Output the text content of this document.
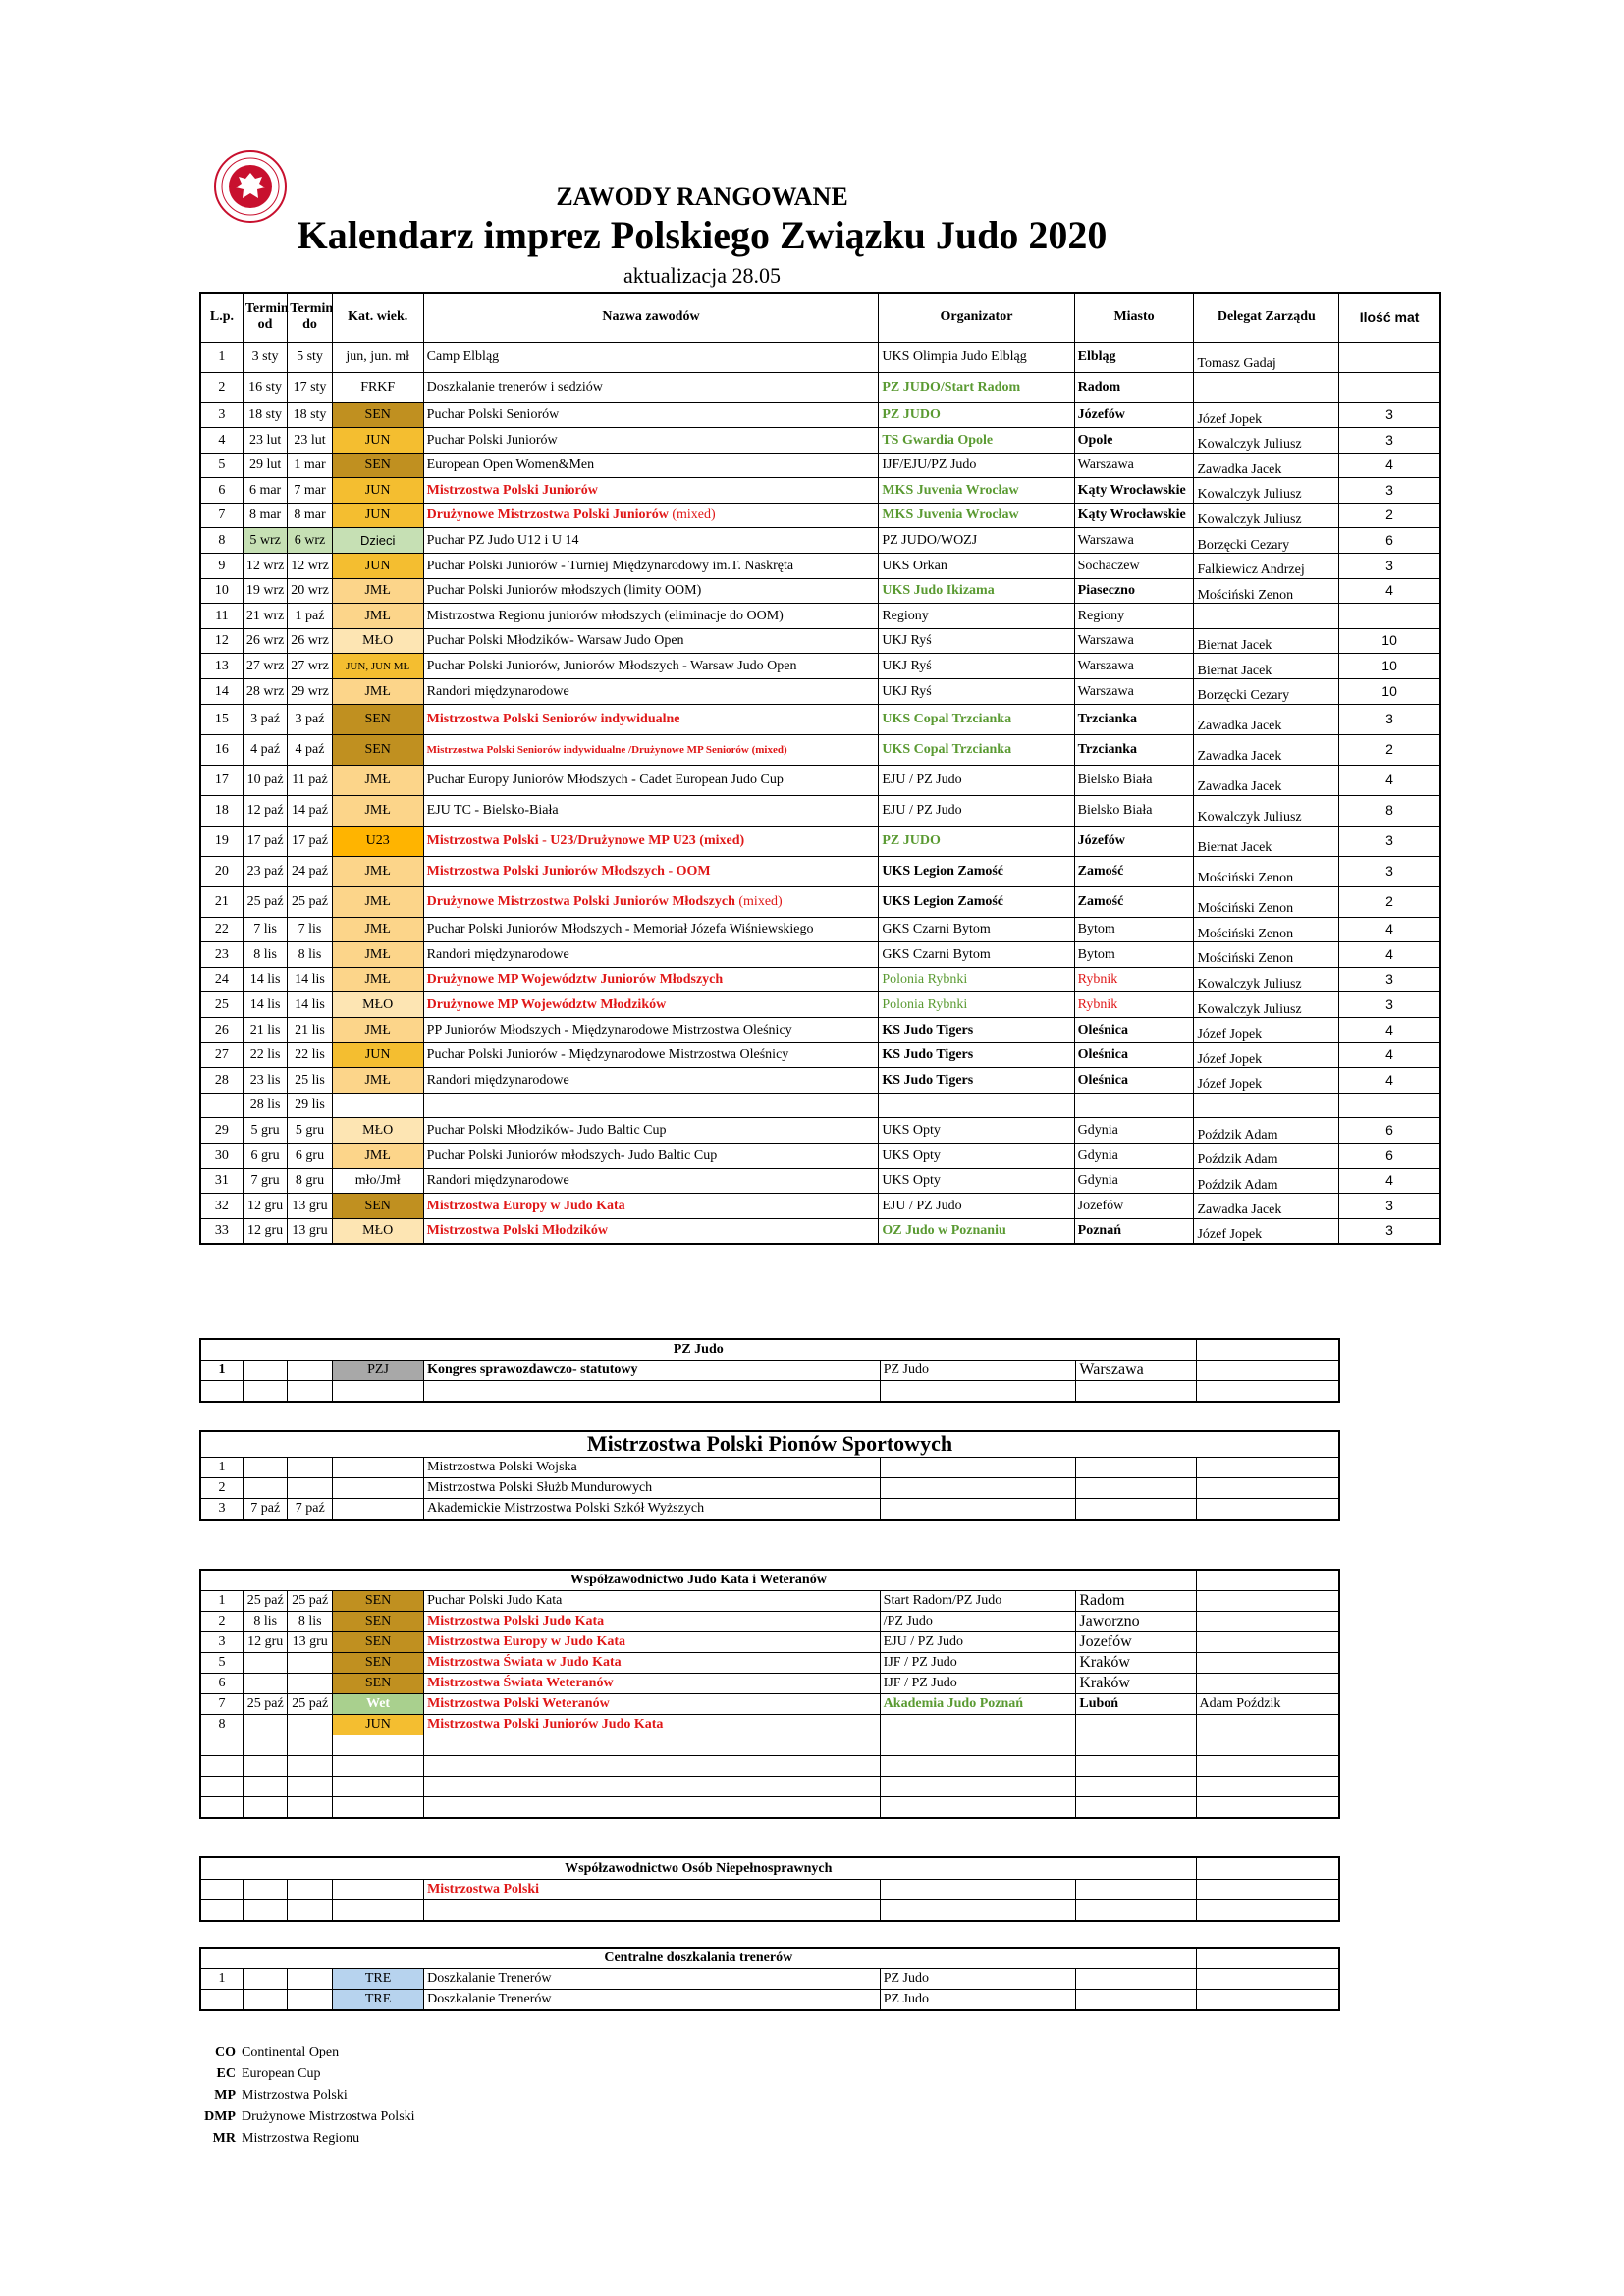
ZAWODY RANGOWANE
Kalendarz imprez Polskiego Związku Judo 2020
aktualizacja 28.05
L.p.	Termin od	Termin do	Kat. wiek.	Nazwa zawodów	Organizator	Miasto	Delegat Zarządu	Ilość mat
1	3 sty	5 sty	jun, jun. mł	Camp Elbląg	UKS Olimpia Judo Elbląg	Elbląg	Tomasz Gadaj	
2	16 sty	17 sty	FRKF	Doszkalanie trenerów i sedziów	PZ JUDO/Start Radom	Radom		
3	18 sty	18 sty	SEN	Puchar Polski Seniorów	PZ JUDO	Józefów	Józef Jopek	3
4	23 lut	23 lut	JUN	Puchar Polski Juniorów	TS Gwardia Opole	Opole	Kowalczyk Juliusz	3
5	29 lut	1 mar	SEN	European Open Women&Men	IJF/EJU/PZ Judo	Warszawa	Zawadka Jacek	4
6	6 mar	7 mar	JUN	Mistrzostwa Polski Juniorów	MKS Juvenia Wrocław	Kąty Wrocławskie	Kowalczyk Juliusz	3
7	8 mar	8 mar	JUN	Drużynowe Mistrzostwa Polski Juniorów (mixed)	MKS Juvenia Wrocław	Kąty Wrocławskie	Kowalczyk Juliusz	2
8	5 wrz	6 wrz	Dzieci	Puchar PZ Judo U12 i U 14	PZ JUDO/WOZJ	Warszawa	Borzęcki Cezary	6
9	12 wrz	12 wrz	JUN	Puchar Polski Juniorów - Turniej Międzynarodowy im.T. Naskręta	UKS Orkan	Sochaczew	Falkiewicz Andrzej	3
10	19 wrz	20 wrz	JMŁ	Puchar Polski Juniorów młodszych (limity OOM)	UKS Judo Ikizama	Piaseczno	Mościński Zenon	4
11	21 wrz	1 paź	JMŁ	Mistrzostwa Regionu juniorów młodszych (eliminacje do OOM)	Regiony	Regiony		
12	26 wrz	26 wrz	MŁO	Puchar Polski Młodzików- Warsaw Judo Open	UKJ Ryś	Warszawa	Biernat Jacek	10
13	27 wrz	27 wrz	JUN, JUN MŁ	Puchar Polski Juniorów, Juniorów Młodszych - Warsaw Judo Open	UKJ Ryś	Warszawa	Biernat Jacek	10
14	28 wrz	29 wrz	JMŁ	Randori międzynarodowe	UKJ Ryś	Warszawa	Borzęcki Cezary	10
15	3 paź	3 paź	SEN	Mistrzostwa Polski Seniorów indywidualne	UKS Copal Trzcianka	Trzcianka	Zawadka Jacek	3
16	4 paź	4 paź	SEN	Mistrzostwa Polski Seniorów indywidualne /Drużynowe MP Seniorów (mixed)	UKS Copal Trzcianka	Trzcianka	Zawadka Jacek	2
17	10 paź	11 paź	JMŁ	Puchar Europy Juniorów Młodszych - Cadet European Judo Cup	EJU / PZ Judo	Bielsko Biała	Zawadka Jacek	4
18	12 paź	14 paź	JMŁ	EJU TC - Bielsko-Biała	EJU / PZ Judo	Bielsko Biała	Kowalczyk Juliusz	8
19	17 paź	17 paź	U23	Mistrzostwa Polski - U23/Drużynowe MP U23 (mixed)	PZ JUDO	Józefów	Biernat Jacek	3
20	23 paź	24 paź	JMŁ	Mistrzostwa Polski Juniorów Młodszych - OOM	UKS Legion Zamość	Zamość	Mościński Zenon	3
21	25 paź	25 paź	JMŁ	Drużynowe Mistrzostwa Polski Juniorów Młodszych (mixed)	UKS Legion Zamość	Zamość	Mościński Zenon	2
22	7 lis	7 lis	JMŁ	Puchar Polski Juniorów Młodszych - Memoriał Józefa Wiśniewskiego	GKS Czarni Bytom	Bytom	Mościński Zenon	4
23	8 lis	8 lis	JMŁ	Randori międzynarodowe	GKS Czarni Bytom	Bytom	Mościński Zenon	4
24	14 lis	14 lis	JMŁ	Drużynowe MP Województw Juniorów Młodszych	Polonia Rybnki	Rybnik	Kowalczyk Juliusz	3
25	14 lis	14 lis	MŁO	Drużynowe MP Województw Młodzików	Polonia Rybnki	Rybnik	Kowalczyk Juliusz	3
26	21 lis	21 lis	JMŁ	PP Juniorów Młodszych - Międzynarodowe Mistrzostwa Oleśnicy	KS Judo Tigers	Oleśnica	Józef Jopek	4
27	22 lis	22 lis	JUN	Puchar Polski Juniorów - Międzynarodowe Mistrzostwa Oleśnicy	KS Judo Tigers	Oleśnica	Józef Jopek	4
28	23 lis	25 lis	JMŁ	Randori międzynarodowe	KS Judo Tigers	Oleśnica	Józef Jopek	4
	28 lis	29 lis						
29	5 gru	5 gru	MŁO	Puchar Polski Młodzików- Judo Baltic Cup	UKS Opty	Gdynia	Poździk Adam	6
30	6 gru	6 gru	JMŁ	Puchar Polski Juniorów młodszych- Judo Baltic Cup	UKS Opty	Gdynia	Poździk Adam	6
31	7 gru	8 gru	mło/Jmł	Randori międzynarodowe	UKS Opty	Gdynia	Poździk Adam	4
32	12 gru	13 gru	SEN	Mistrzostwa Europy w Judo Kata	EJU / PZ Judo	Jozefów	Zawadka Jacek	3
33	12 gru	13 gru	MŁO	Mistrzostwa Polski Młodzików	OZ Judo w Poznaniu	Poznań	Józef Jopek	3
PZ Judo							
1			PZJ	Kongres sprawozdawczo- statutowy	PZ Judo	Warszawa	

Mistrzostwa Polski Pionów Sportowych							
1				Mistrzostwa Polski Wojska			
2				Mistrzostwa Polski Służb Mundurowych			
3	7 paź	7 paź		Akademickie Mistrzostwa Polski Szkół Wyższych			
Współzawodnictwo Judo Kata i Weteranów							
1	25 paź	25 paź	SEN	Puchar Polski Judo Kata	Start Radom/PZ Judo	Radom	
2	8 lis	8 lis	SEN	Mistrzostwa Polski Judo Kata	/PZ Judo	Jaworzno	
3	12 gru	13 gru	SEN	Mistrzostwa Europy w Judo Kata	EJU / PZ Judo	Jozefów	
5			SEN	Mistrzostwa Świata w Judo Kata	IJF / PZ Judo	Kraków	
6			SEN	Mistrzostwa Świata Weteranów	IJF / PZ Judo	Kraków	
7	25 paź	25 paź	Wet	Mistrzostwa Polski Weteranów	Akademia Judo Poznań	Luboń	Adam Poździk
8			JUN	Mistrzostwa Polski Juniorów Judo Kata			

Współzawodnictwo Osób Niepełnosprawnych							
				Mistrzostwa Polski			

Centralne doszkalania trenerów							
1			TRE	Doszkalanie Trenerów	PZ Judo		
			TRE	Doszkalanie Trenerów	PZ Judo		
CO Continental Open
EC European Cup
MP Mistrzostwa Polski
DMP Drużynowe Mistrzostwa Polski
MR Mistrzostwa Regionu
